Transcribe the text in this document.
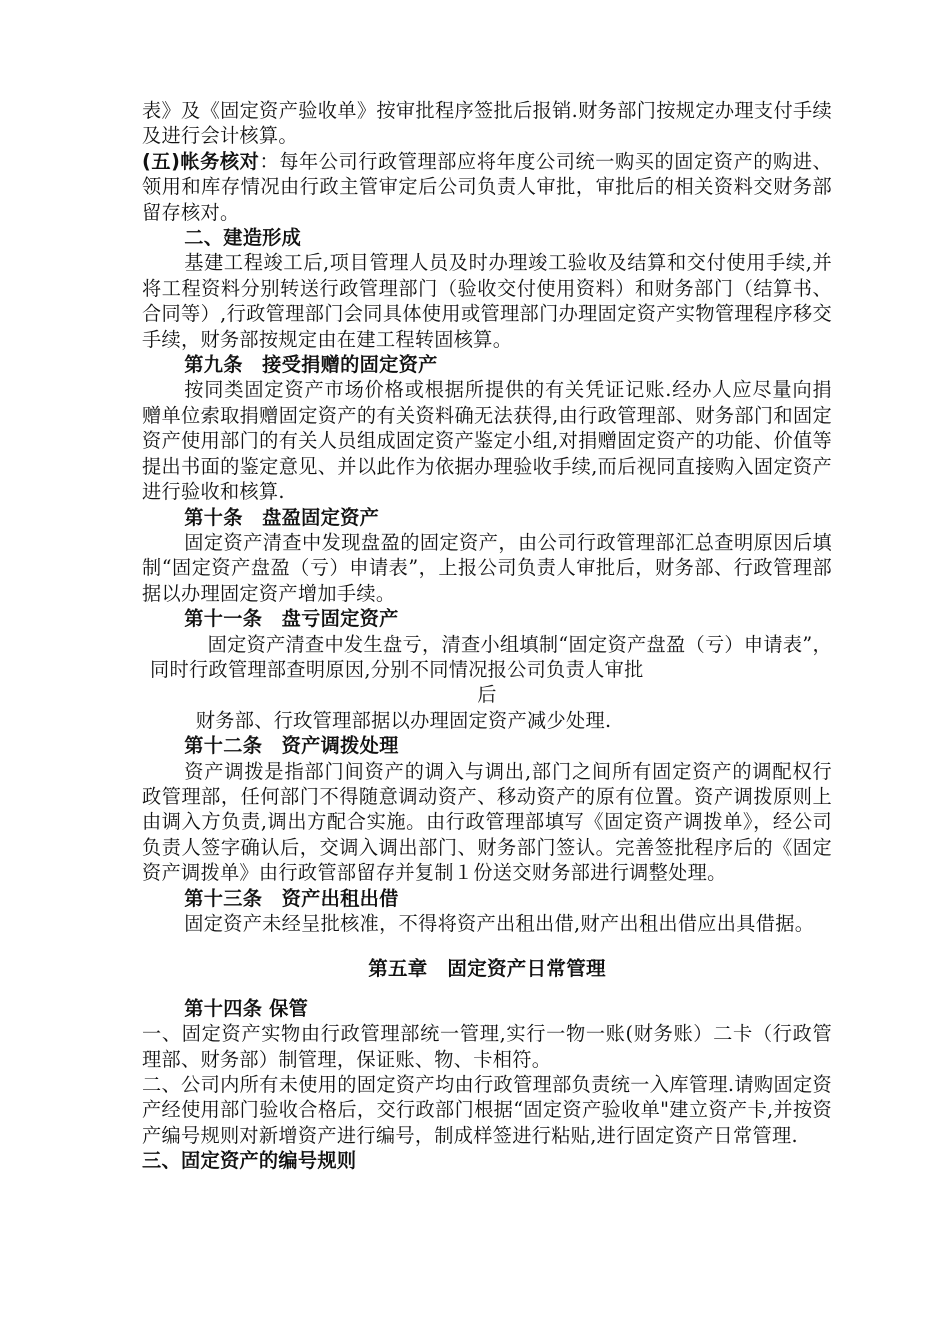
表》及《固定资产验收单》按审批程序签批后报销.财务部门按规定办理支付手续及进行会计核算。

(五)帐务核对：每年公司行政管理部应将年度公司统一购买的固定资产的购进、领用和库存情况由行政主管审定后公司负责人审批，审批后的相关资料交财务部留存核对。

二、建造形成

基建工程竣工后,项目管理人员及时办理竣工验收及结算和交付使用手续,并将工程资料分别转送行政管理部门（验收交付使用资料）和财务部门（结算书、合同等）,行政管理部门会同具体使用或管理部门办理固定资产实物管理程序移交手续，财务部按规定由在建工程转固核算。

第九条　接受捐赠的固定资产

按同类固定资产市场价格或根据所提供的有关凭证记账.经办人应尽量向捐赠单位索取捐赠固定资产的有关资料确无法获得,由行政管理部、财务部门和固定资产使用部门的有关人员组成固定资产鉴定小组,对捐赠固定资产的功能、价值等提出书面的鉴定意见、并以此作为依据办理验收手续,而后视同直接购入固定资产进行验收和核算.

第十条　盘盈固定资产

固定资产清查中发现盘盈的固定资产，由公司行政管理部汇总查明原因后填制“固定资产盘盈（亏）申请表”，上报公司负责人审批后，财务部、行政管理部据以办理固定资产增加手续。

第十一条　盘亏固定资产

固定资产清查中发生盘亏，清查小组填制“固定资产盘盈（亏）申请表”，同时行政管理部查明原因,分别不同情况报公司负责人审批

后

财务部、行玫管理部据以办理固定资产减少处理.

第十二条　资产调拨处理

资产调拨是指部门间资产的调入与调出,部门之间所有固定资产的调配权行政管理部，任何部门不得随意调动资产、移动资产的原有位置。资产调拨原则上由调入方负责,调出方配合实施。由行政管理部填写《固定资产调拨单》，经公司负责人签字确认后，交调入调出部门、财务部门签认。完善签批程序后的《固定资产调拨单》由行政管部留存并复制１份送交财务部进行调整处理。

第十三条　资产出租出借

固定资产未经呈批核准，不得将资产出租出借,财产出租出借应出具借据。

第五章　固定资产日常管理

第十四条 保管

一、固定资产实物由行政管理部统一管理,实行一物一账(财务账）二卡（行政管理部、财务部）制管理，保证账、物、卡相符。

二、公司内所有未使用的固定资产均由行政管理部负责统一入库管理.请购固定资产经使用部门验收合格后，交行政部门根据“固定资产验收单"建立资产卡,并按资产编号规则对新增资产进行编号，制成样签进行粘贴,进行固定资产日常管理.

三、固定资产的编号规则
